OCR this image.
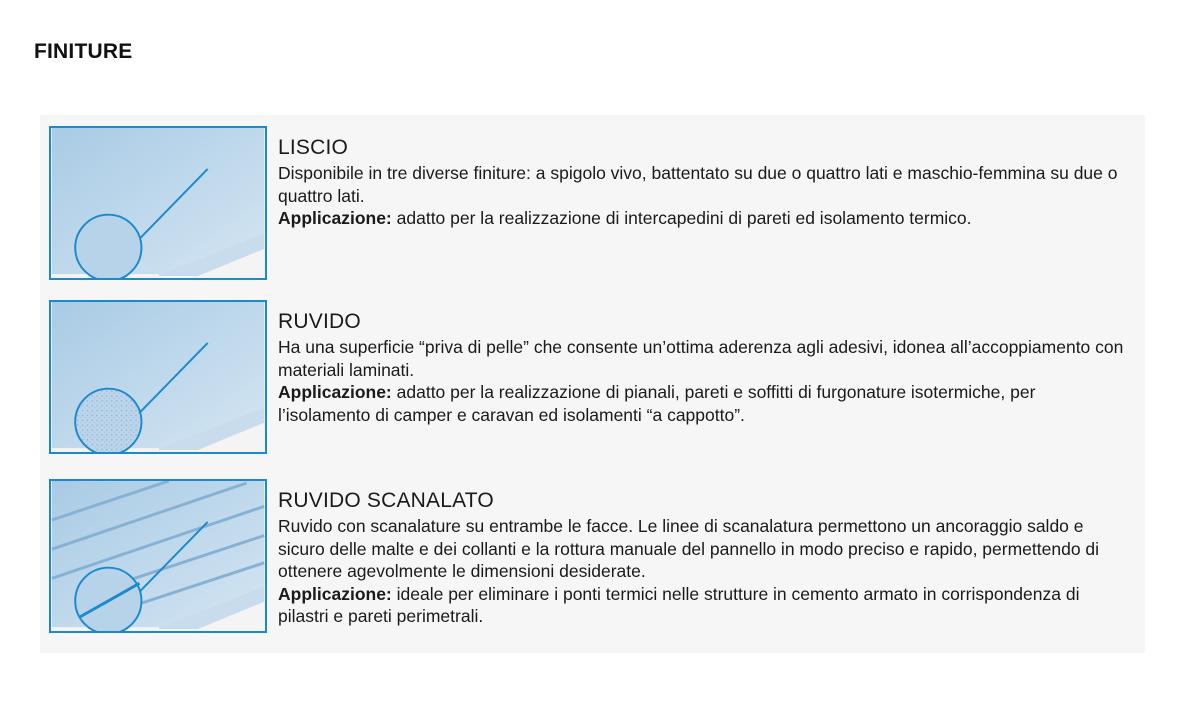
FINITURE
LISCIO

Disponibile in tre diverse finiture: a spigolo vivo, battentato su due o quattro lati e maschio-femmina su due o quattro lati.

Applicazione: adatto per la realizzazione di intercapedini di pareti ed isolamento termico.

RUVIDO

Ha una superficie “priva di pelle” che consente un’ottima aderenza agli adesivi, idonea all’accoppiamento con materiali laminati.

Applicazione: adatto per la realizzazione di pianali, pareti e soffitti di furgonature isotermiche, per l’isolamento di camper e caravan ed isolamenti “a cappotto”.

RUVIDO SCANALATO

Ruvido con scanalature su entrambe le facce. Le linee di scanalatura permettono un ancoraggio saldo e sicuro delle malte e dei collanti e la rottura manuale del pannello in modo preciso e rapido, permettendo di ottenere agevolmente le dimensioni desiderate.

Applicazione: ideale per eliminare i ponti termici nelle strutture in cemento armato in corrispondenza di pilastri e pareti perimetrali.
